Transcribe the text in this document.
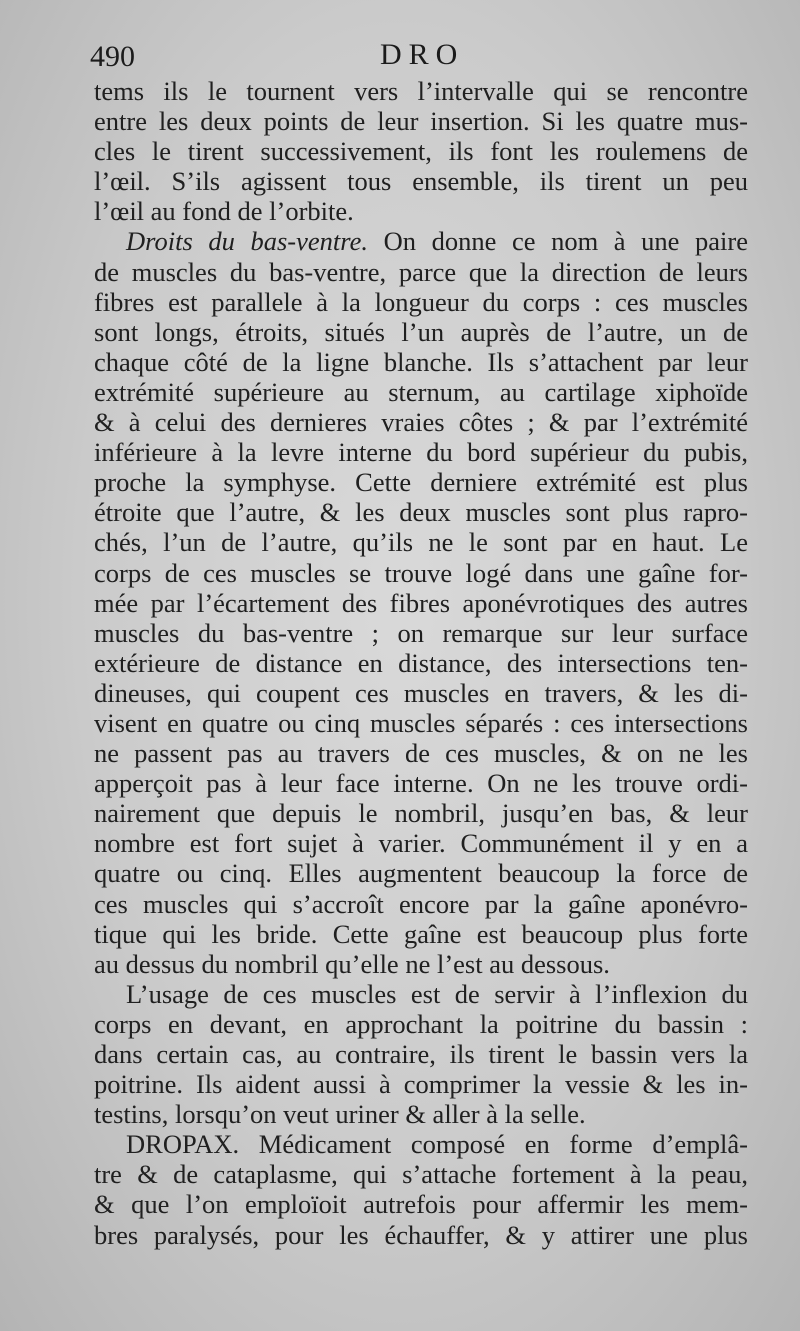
490	DRO
tems ils le tournent vers l’intervalle qui se rencontre
entre les deux points de leur insertion. Si les quatre mus-
cles le tirent successivement, ils font les roulemens de
l’œil. S’ils agissent tous ensemble, ils tirent un peu
l’œil au fond de l’orbite.
Droits du bas-ventre. On donne ce nom à une paire
de muscles du bas-ventre, parce que la direction de leurs
fibres est parallele à la longueur du corps : ces muscles
sont longs, étroits, situés l’un auprès de l’autre, un de
chaque côté de la ligne blanche. Ils s’attachent par leur
extrémité supérieure au sternum, au cartilage xiphoïde
& à celui des dernieres vraies côtes ; & par l’extrémité
inférieure à la levre interne du bord supérieur du pubis,
proche la symphyse. Cette derniere extrémité est plus
étroite que l’autre, & les deux muscles sont plus rapro-
chés, l’un de l’autre, qu’ils ne le sont par en haut. Le
corps de ces muscles se trouve logé dans une gaîne for-
mée par l’écartement des fibres aponévrotiques des autres
muscles du bas-ventre ; on remarque sur leur surface
extérieure de distance en distance, des intersections ten-
dineuses, qui coupent ces muscles en travers, & les di-
visent en quatre ou cinq muscles séparés : ces intersections
ne passent pas au travers de ces muscles, & on ne les
apperçoit pas à leur face interne. On ne les trouve ordi-
nairement que depuis le nombril, jusqu’en bas, & leur
nombre est fort sujet à varier. Communément il y en a
quatre ou cinq. Elles augmentent beaucoup la force de
ces muscles qui s’accroît encore par la gaîne aponévro-
tique qui les bride. Cette gaîne est beaucoup plus forte
au dessus du nombril qu’elle ne l’est au dessous.
L’usage de ces muscles est de servir à l’inflexion du
corps en devant, en approchant la poitrine du bassin :
dans certain cas, au contraire, ils tirent le bassin vers la
poitrine. Ils aident aussi à comprimer la vessie & les in-
testins, lorsqu’on veut uriner & aller à la selle.
DROPAX. Médicament composé en forme d’emplâ-
tre & de cataplasme, qui s’attache fortement à la peau,
& que l’on emploïoit autrefois pour affermir les mem-
bres paralysés, pour les échauffer, & y attirer une plus
